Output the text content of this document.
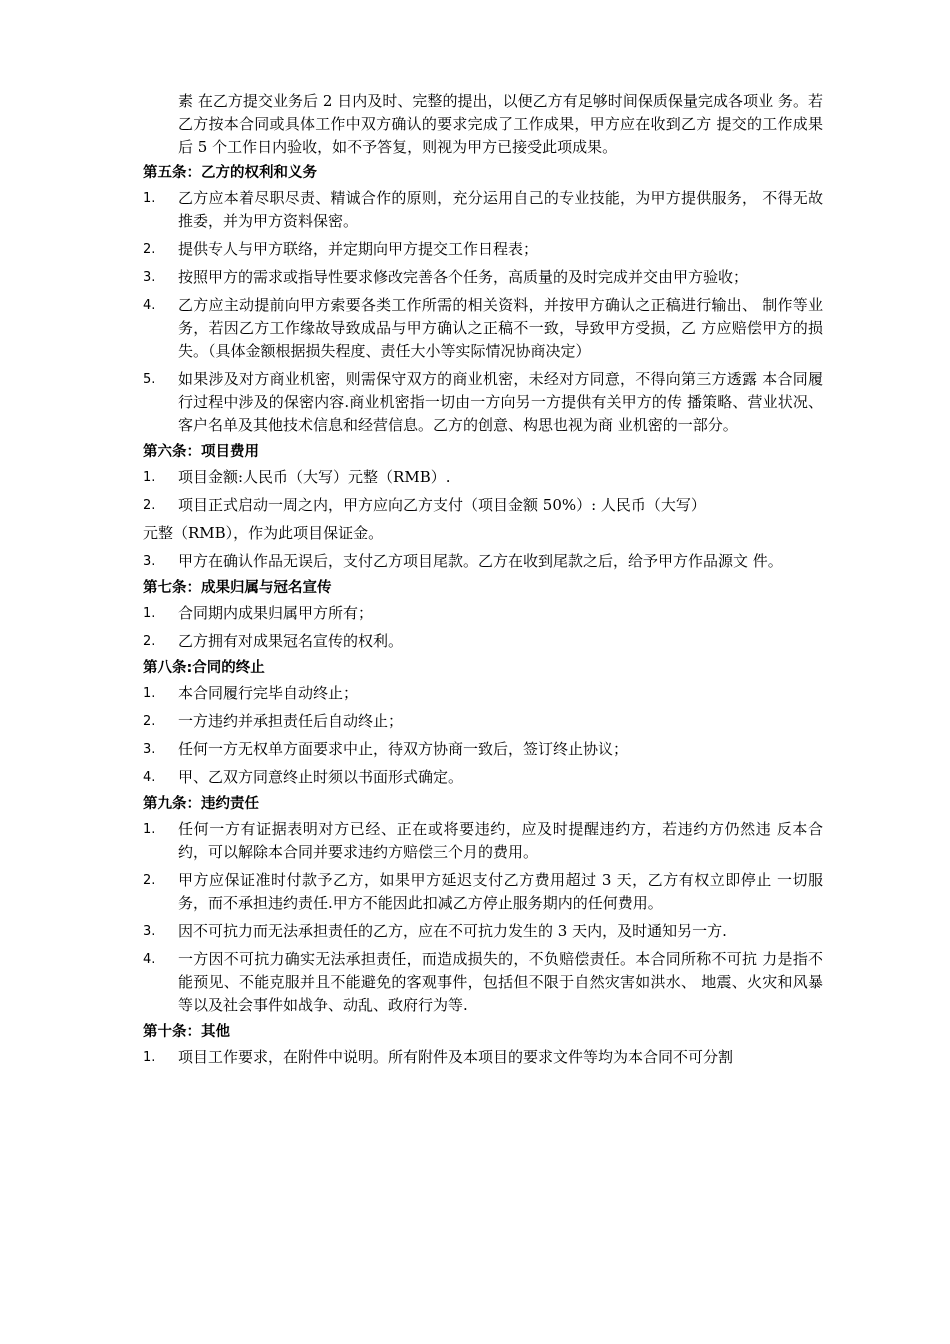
素 在乙方提交业务后 2 日内及时、完整的提出，以便乙方有足够时间保质保量完成各项业 务。若乙方按本合同或具体工作中双方确认的要求完成了工作成果，甲方应在收到乙方 提交的工作成果后 5 个工作日内验收，如不予答复，则视为甲方已接受此项成果。
第五条：乙方的权利和义务
1.	乙方应本着尽职尽责、精诚合作的原则，充分运用自己的专业技能，为甲方提供服务， 不得无故推委，并为甲方资料保密。
2.	提供专人与甲方联络，并定期向甲方提交工作日程表；
3.	按照甲方的需求或指导性要求修改完善各个任务，高质量的及时完成并交由甲方验收；
4.	乙方应主动提前向甲方索要各类工作所需的相关资料，并按甲方确认之正稿进行输出、 制作等业务，若因乙方工作缘故导致成品与甲方确认之正稿不一致，导致甲方受损，乙 方应赔偿甲方的损失。（具体金额根据损失程度、责任大小等实际情况协商决定）
5.	如果涉及对方商业机密，则需保守双方的商业机密，未经对方同意，不得向第三方透露 本合同履行过程中涉及的保密内容.商业机密指一切由一方向另一方提供有关甲方的传 播策略、营业状况、客户名单及其他技术信息和经营信息。乙方的创意、构思也视为商 业机密的一部分。
第六条：项目费用
1.	项目金额:人民币（大写）元整（RMB）.
2.	项目正式启动一周之内，甲方应向乙方支付（项目金额 50%）: 人民币（大写）
元整（RMB），作为此项目保证金。
3.	甲方在确认作品无误后，支付乙方项目尾款。乙方在收到尾款之后，给予甲方作品源文 件。
第七条：成果归属与冠名宣传
1.	合同期内成果归属甲方所有；
2.	乙方拥有对成果冠名宣传的权利。
第八条:合同的终止
1.	本合同履行完毕自动终止；
2.	一方违约并承担责任后自动终止；
3.	任何一方无权单方面要求中止，待双方协商一致后，签订终止协议；
4.	甲、乙双方同意终止时须以书面形式确定。
第九条：违约责任
1.	任何一方有证据表明对方已经、正在或将要违约，应及时提醒违约方，若违约方仍然违 反本合约，可以解除本合同并要求违约方赔偿三个月的费用。
2.	甲方应保证准时付款予乙方，如果甲方延迟支付乙方费用超过 3 天，乙方有权立即停止 一切服务，而不承担违约责任.甲方不能因此扣减乙方停止服务期内的任何费用。
3.	因不可抗力而无法承担责任的乙方，应在不可抗力发生的 3 天内，及时通知另一方.
4.	一方因不可抗力确实无法承担责任，而造成损失的，不负赔偿责任。本合同所称不可抗 力是指不能预见、不能克服并且不能避免的客观事件，包括但不限于自然灾害如洪水、 地震、火灾和风暴等以及社会事件如战争、动乱、政府行为等.
第十条：其他
1.	项目工作要求，在附件中说明。所有附件及本项目的要求文件等均为本合同不可分割
